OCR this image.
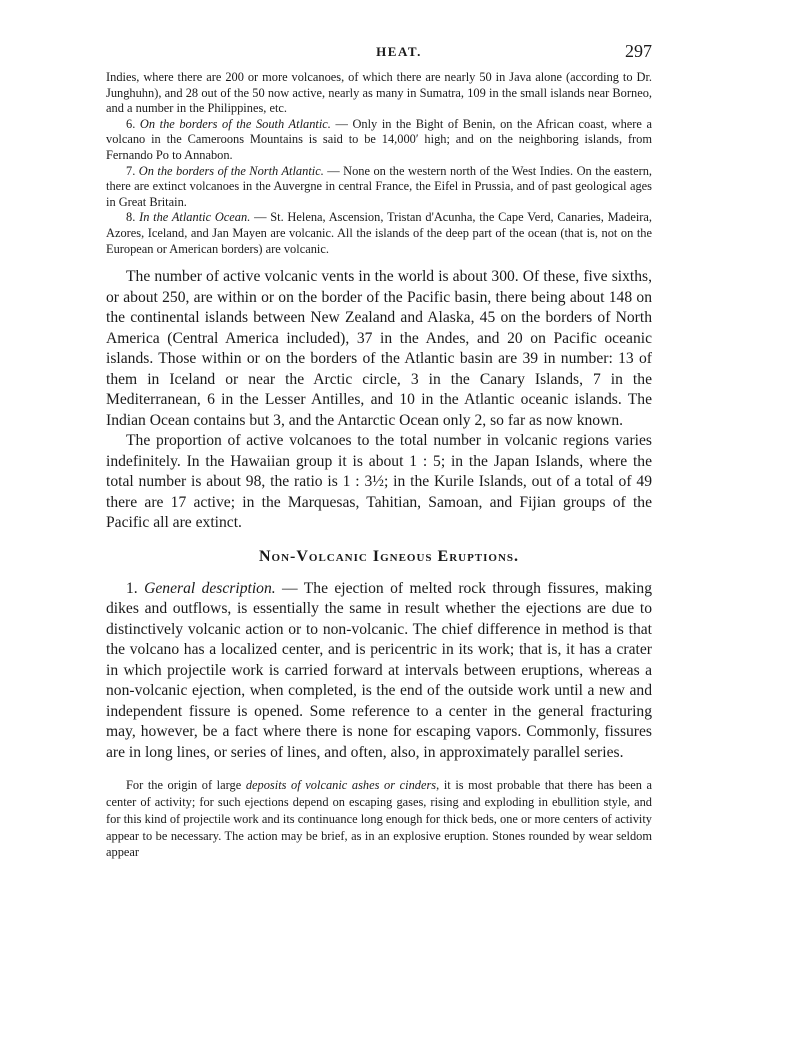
HEAT.	297

Indies, where there are 200 or more volcanoes, of which there are nearly 50 in Java alone (according to Dr. Junghuhn), and 28 out of the 50 now active, nearly as many in Sumatra, 109 in the small islands near Borneo, and a number in the Philippines, etc.

6. On the borders of the South Atlantic. — Only in the Bight of Benin, on the African coast, where a volcano in the Cameroons Mountains is said to be 14,000′ high; and on the neighboring islands, from Fernando Po to Annabon.

7. On the borders of the North Atlantic. — None on the western north of the West Indies. On the eastern, there are extinct volcanoes in the Auvergne in central France, the Eifel in Prussia, and of past geological ages in Great Britain.

8. In the Atlantic Ocean. — St. Helena, Ascension, Tristan d'Acunha, the Cape Verd, Canaries, Madeira, Azores, Iceland, and Jan Mayen are volcanic. All the islands of the deep part of the ocean (that is, not on the European or American borders) are volcanic.

The number of active volcanic vents in the world is about 300. Of these, five sixths, or about 250, are within or on the border of the Pacific basin, there being about 148 on the continental islands between New Zealand and Alaska, 45 on the borders of North America (Central America included), 37 in the Andes, and 20 on Pacific oceanic islands. Those within or on the borders of the Atlantic basin are 39 in number: 13 of them in Iceland or near the Arctic circle, 3 in the Canary Islands, 7 in the Mediterranean, 6 in the Lesser Antilles, and 10 in the Atlantic oceanic islands. The Indian Ocean contains but 3, and the Antarctic Ocean only 2, so far as now known.

The proportion of active volcanoes to the total number in volcanic regions varies indefinitely. In the Hawaiian group it is about 1 : 5; in the Japan Islands, where the total number is about 98, the ratio is 1 : 3½; in the Kurile Islands, out of a total of 49 there are 17 active; in the Marquesas, Tahitian, Samoan, and Fijian groups of the Pacific all are extinct.

Non-Volcanic Igneous Eruptions.

1. General description. — The ejection of melted rock through fissures, making dikes and outflows, is essentially the same in result whether the ejections are due to distinctively volcanic action or to non-volcanic. The chief difference in method is that the volcano has a localized center, and is pericentric in its work; that is, it has a crater in which projectile work is carried forward at intervals between eruptions, whereas a non-volcanic ejection, when completed, is the end of the outside work until a new and independent fissure is opened. Some reference to a center in the general fracturing may, however, be a fact where there is none for escaping vapors. Commonly, fissures are in long lines, or series of lines, and often, also, in approximately parallel series.

For the origin of large deposits of volcanic ashes or cinders, it is most probable that there has been a center of activity; for such ejections depend on escaping gases, rising and exploding in ebullition style, and for this kind of projectile work and its continuance long enough for thick beds, one or more centers of activity appear to be necessary. The action may be brief, as in an explosive eruption. Stones rounded by wear seldom appear
